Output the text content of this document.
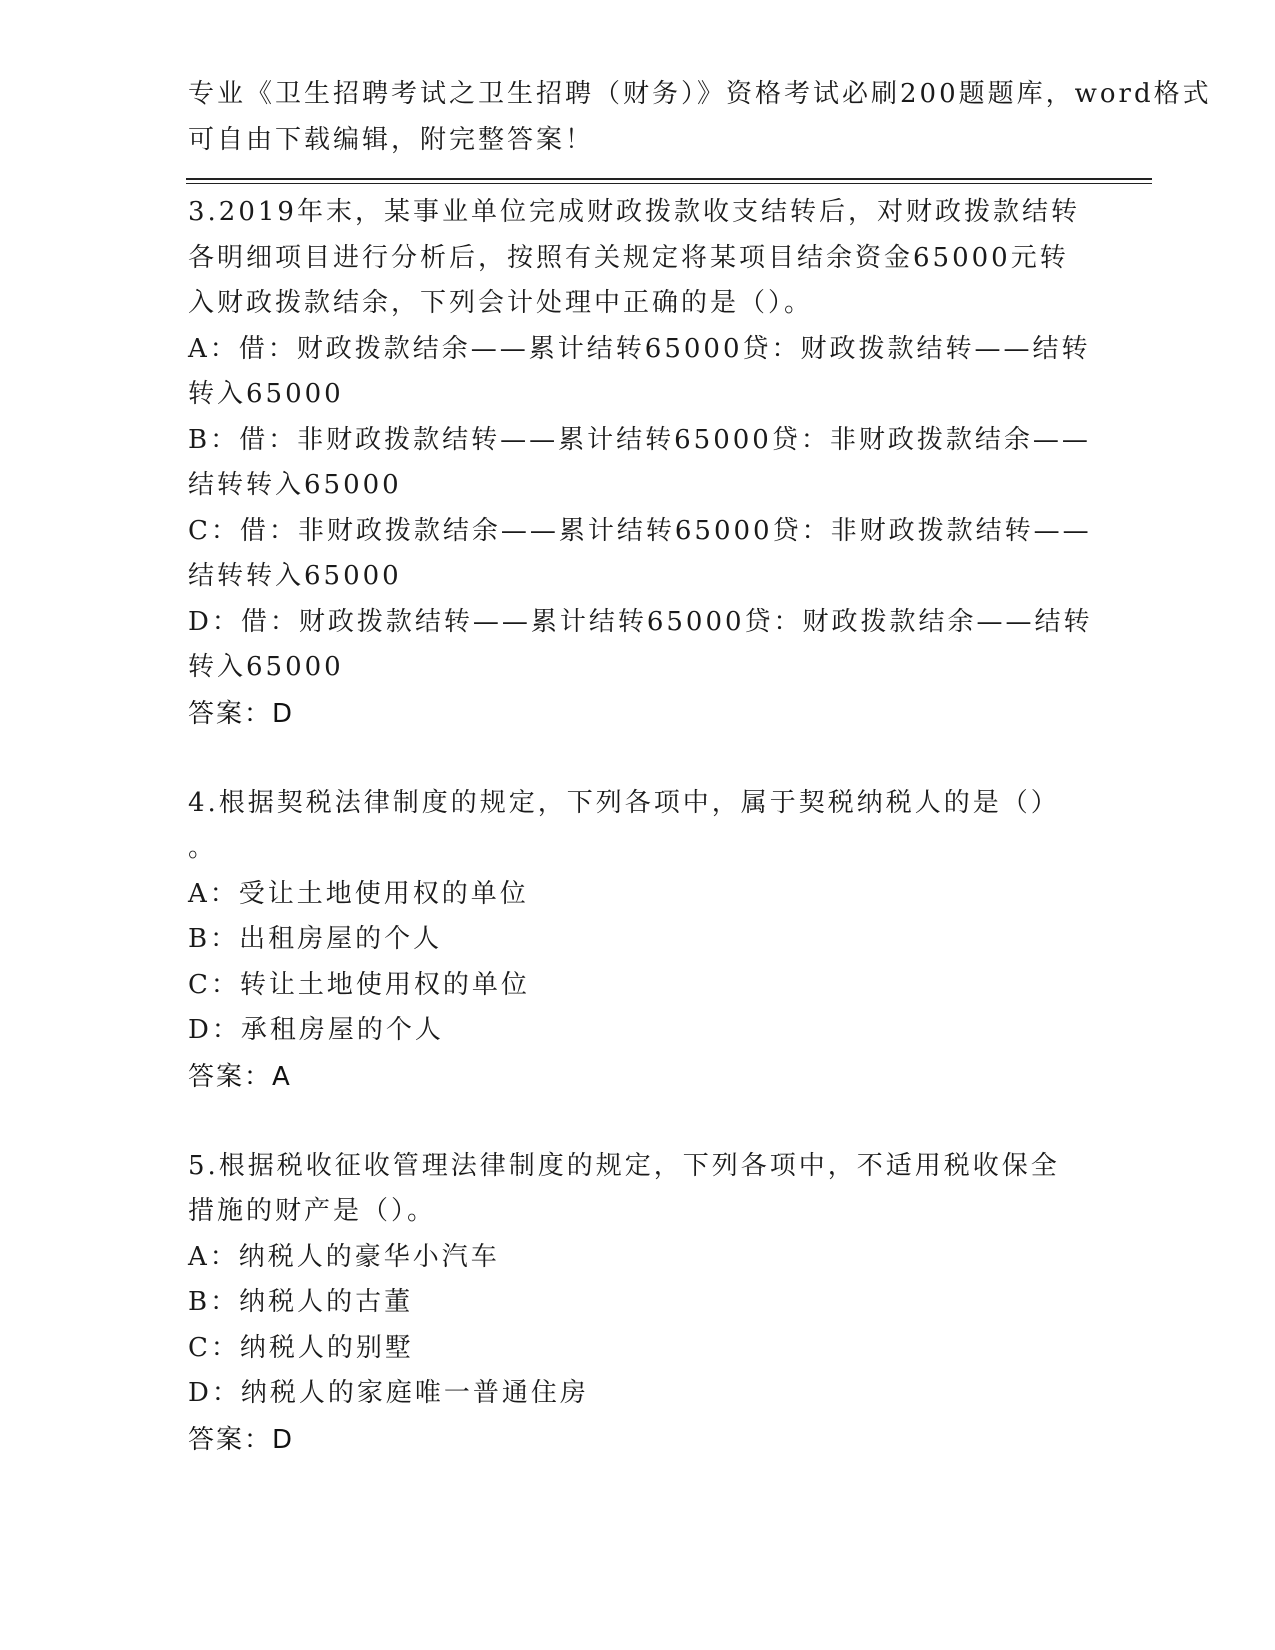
专业《卫生招聘考试之卫生招聘（财务）》资格考试必刷200题题库，word格式
可自由下载编辑，附完整答案！
3.2019年末，某事业单位完成财政拨款收支结转后，对财政拨款结转
各明细项目进行分析后，按照有关规定将某项目结余资金65000元转
入财政拨款结余，下列会计处理中正确的是（）。
A：借：财政拨款结余——累计结转65000贷：财政拨款结转——结转
转入65000
B：借：非财政拨款结转——累计结转65000贷：非财政拨款结余——
结转转入65000
C：借：非财政拨款结余——累计结转65000贷：非财政拨款结转——
结转转入65000
D：借：财政拨款结转——累计结转65000贷：财政拨款结余——结转
转入65000
答案：D
4.根据契税法律制度的规定，下列各项中，属于契税纳税人的是（）
。
A：受让土地使用权的单位
B：出租房屋的个人
C：转让土地使用权的单位
D：承租房屋的个人
答案：A
5.根据税收征收管理法律制度的规定，下列各项中，不适用税收保全
措施的财产是（）。
A：纳税人的豪华小汽车
B：纳税人的古董
C：纳税人的别墅
D：纳税人的家庭唯一普通住房
答案：D
